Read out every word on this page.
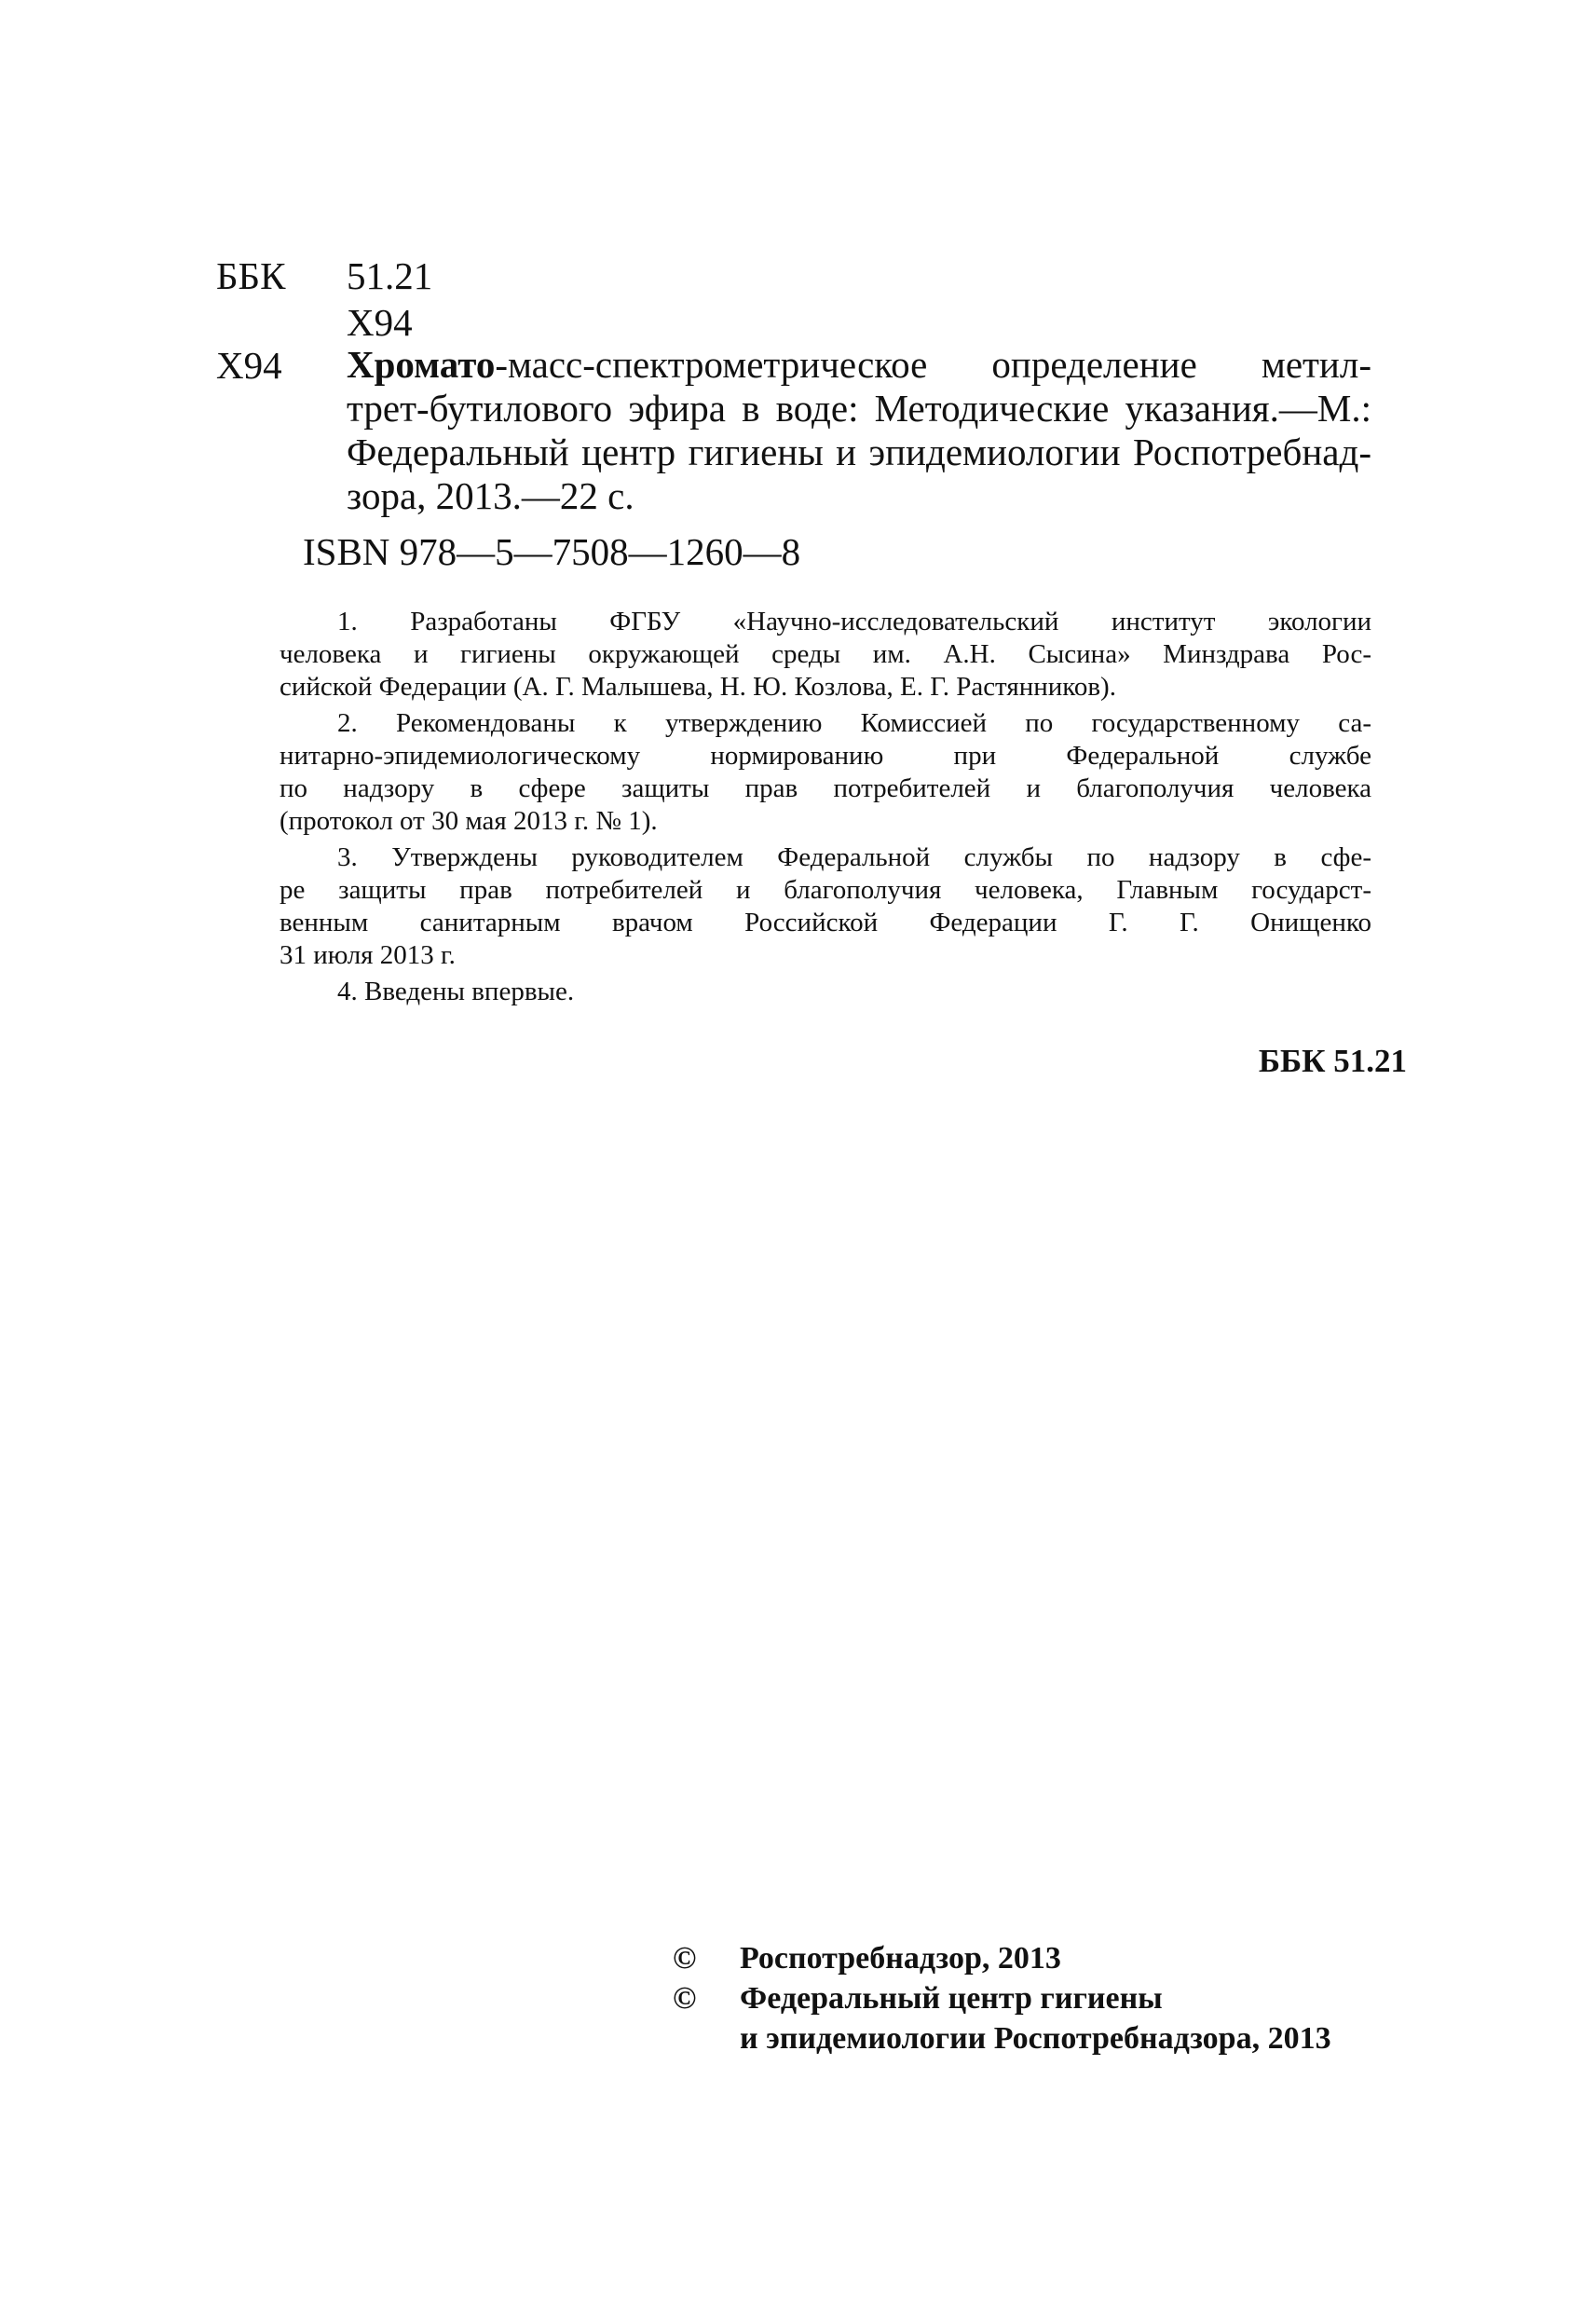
ББК 51.21
Х94
Х94 Хромато-масс-спектрометрическое определение метил-
трет-бутилового эфира в воде: Методические указания.—М.:
Федеральный центр гигиены и эпидемиологии Роспотребнад-
зора, 2013.—22 с.
ISBN 978—5—7508—1260—8
1. Разработаны ФГБУ «Научно-исследовательский институт экологии
человека и гигиены окружающей среды им. А.Н. Сысина» Минздрава Рос-
сийской Федерации (А. Г. Малышева, Н. Ю. Козлова, Е. Г. Растянников).
2. Рекомендованы к утверждению Комиссией по государственному са-
нитарно-эпидемиологическому нормированию при Федеральной службе
по надзору в сфере защиты прав потребителей и благополучия человека
(протокол от 30 мая 2013 г. № 1).
3. Утверждены руководителем Федеральной службы по надзору в сфе-
ре защиты прав потребителей и благополучия человека, Главным государст-
венным санитарным врачом Российской Федерации Г. Г. Онищенко
31 июля 2013 г.
4. Введены впервые.
ББК 51.21
©	Роспотребнадзор, 2013
©	Федеральный центр гигиены
и эпидемиологии Роспотребнадзора, 2013
